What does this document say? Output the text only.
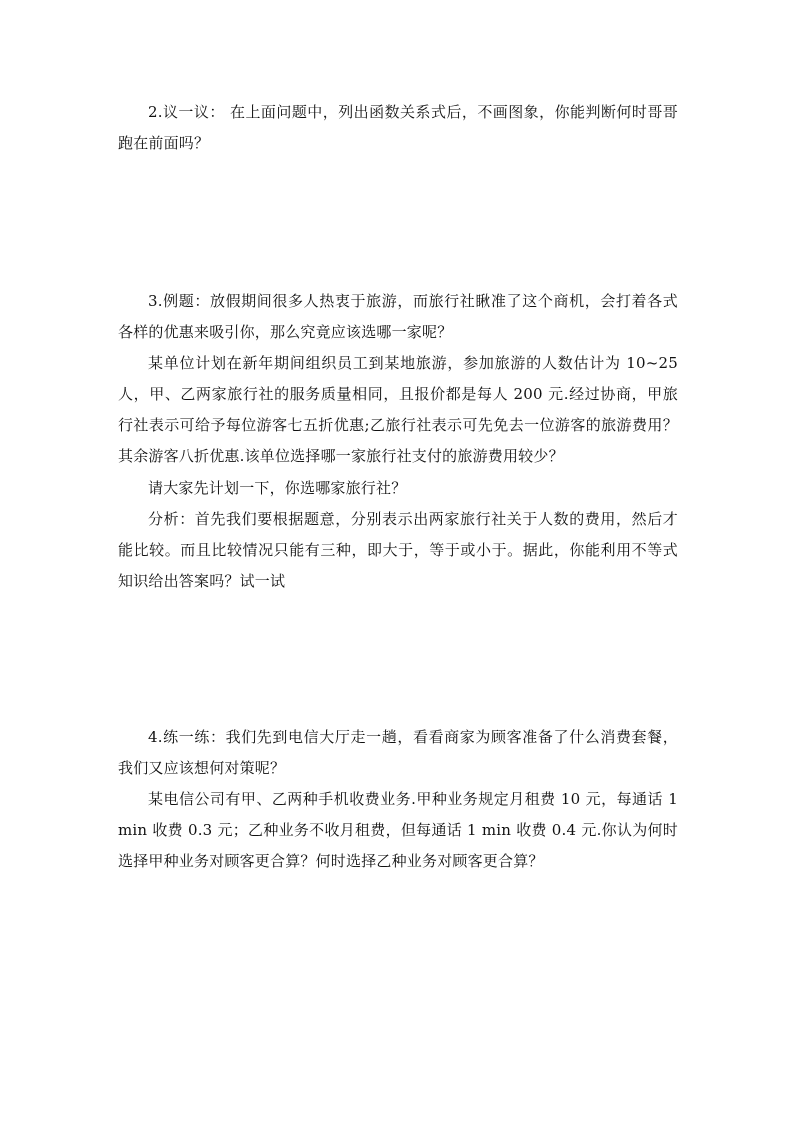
2.议一议： 在上面问题中，列出函数关系式后，不画图象，你能判断何时哥哥跑在前面吗？

3.例题：放假期间很多人热衷于旅游，而旅行社瞅准了这个商机，会打着各式各样的优惠来吸引你，那么究竟应该选哪一家呢？

某单位计划在新年期间组织员工到某地旅游，参加旅游的人数估计为 10~25 人，甲、乙两家旅行社的服务质量相同，且报价都是每人 200 元.经过协商，甲旅行社表示可给予每位游客七五折优惠;乙旅行社表示可先免去一位游客的旅游费用？其余游客八折优惠.该单位选择哪一家旅行社支付的旅游费用较少？

请大家先计划一下，你选哪家旅行社？

分析：首先我们要根据题意，分别表示出两家旅行社关于人数的费用，然后才能比较。而且比较情况只能有三种，即大于，等于或小于。据此，你能利用不等式知识给出答案吗？试一试

4.练一练：我们先到电信大厅走一趟，看看商家为顾客准备了什么消费套餐，我们又应该想何对策呢？

某电信公司有甲、乙两种手机收费业务.甲种业务规定月租费 10 元，每通话 1 min 收费 0.3 元；乙种业务不收月租费，但每通话 1 min 收费 0.4 元.你认为何时选择甲种业务对顾客更合算？何时选择乙种业务对顾客更合算？
